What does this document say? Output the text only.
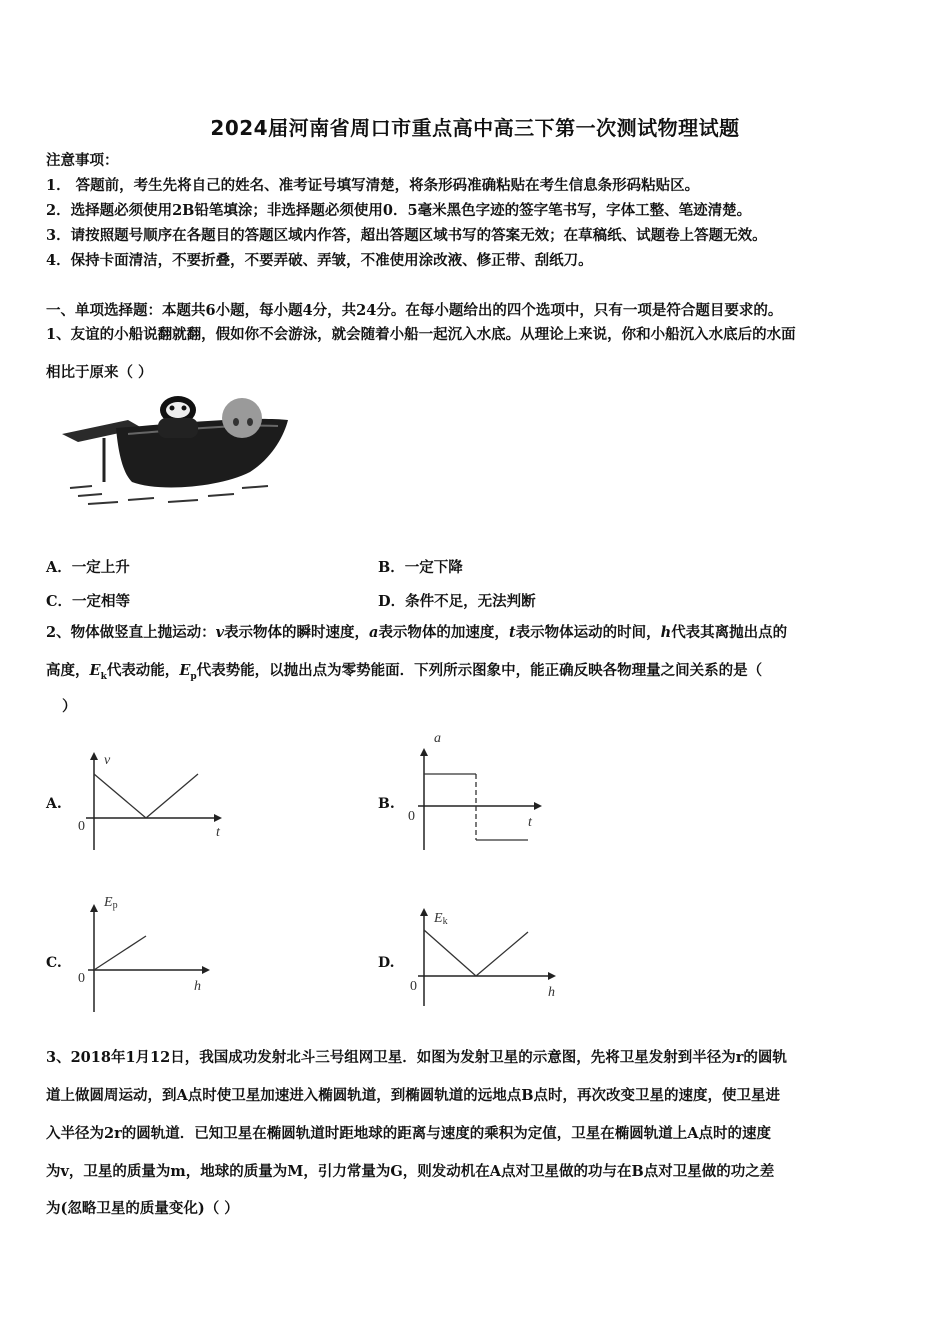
2024届河南省周口市重点高中高三下第一次测试物理试题
注意事项：
1． 答题前，考生先将自己的姓名、准考证号填写清楚，将条形码准确粘贴在考生信息条形码粘贴区。
2．选择题必须使用2B铅笔填涂；非选择题必须使用0．5毫米黑色字迹的签字笔书写，字体工整、笔迹清楚。
3．请按照题号顺序在各题目的答题区域内作答，超出答题区域书写的答案无效；在草稿纸、试题卷上答题无效。
4．保持卡面清洁，不要折叠，不要弄破、弄皱，不准使用涂改液、修正带、刮纸刀。
一、单项选择题：本题共6小题，每小题4分，共24分。在每小题给出的四个选项中，只有一项是符合题目要求的。
1、友谊的小船说翻就翻，假如你不会游泳，就会随着小船一起沉入水底。从理论上来说，你和小船沉入水底后的水面
相比于原来（ ）
A．一定上升	B．一定下降
C．一定相等	D．条件不足，无法判断
2、物体做竖直上抛运动：v表示物体的瞬时速度，a表示物体的加速度，t表示物体运动的时间，h代表其离抛出点的
高度，$E_k$代表动能，$E_p$代表势能，以抛出点为零势能面．下列所示图象中，能正确反映各物理量之间关系的是（
）
A.
v
t
0
B.
a
t
0
C.
Ep
h
0
D.
Ek
h
0
3、2018年1月12日，我国成功发射北斗三号组网卫星．如图为发射卫星的示意图，先将卫星发射到半径为r的圆轨
道上做圆周运动，到A点时使卫星加速进入椭圆轨道，到椭圆轨道的远地点B点时，再次改变卫星的速度，使卫星进
入半径为2r的圆轨道．已知卫星在椭圆轨道时距地球的距离与速度的乘积为定值，卫星在椭圆轨道上A点时的速度
为v，卫星的质量为m，地球的质量为M，引力常量为G，则发动机在A点对卫星做的功与在B点对卫星做的功之差
为(忽略卫星的质量变化)（ ）
